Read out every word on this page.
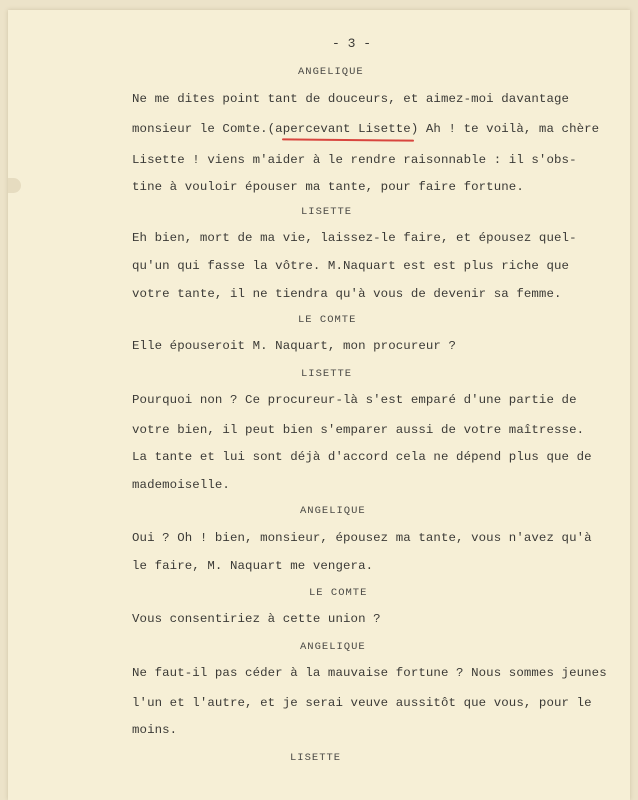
- 3 -
ANGELIQUE
Ne me dites point tant de douceurs, et aimez-moi davantage
monsieur le Comte.(apercevant Lisette) Ah ! te voilà, ma chère
Lisette ! viens m'aider à le rendre raisonnable : il s'obs-
tine à vouloir épouser ma tante, pour faire fortune.
LISETTE
Eh bien, mort de ma vie, laissez-le faire, et épousez quel-
qu'un qui fasse la vôtre. M.Naquart est est plus riche que
votre tante, il ne tiendra qu'à vous de devenir sa femme.
LE COMTE
Elle épouseroit M. Naquart, mon procureur ?
LISETTE
Pourquoi non ? Ce procureur-là s'est emparé d'une partie de
votre bien, il peut bien s'emparer aussi de votre maîtresse.
La tante et lui sont déjà d'accord cela ne dépend plus que de
mademoiselle.
ANGELIQUE
Oui ? Oh ! bien, monsieur, épousez ma tante, vous n'avez qu'à
le faire, M. Naquart me vengera.
LE COMTE
Vous consentiriez à cette union ?
ANGELIQUE
Ne faut-il pas céder à la mauvaise fortune ? Nous sommes jeunes
l'un et l'autre, et je serai veuve aussitôt que vous, pour le
moins.
LISETTE
